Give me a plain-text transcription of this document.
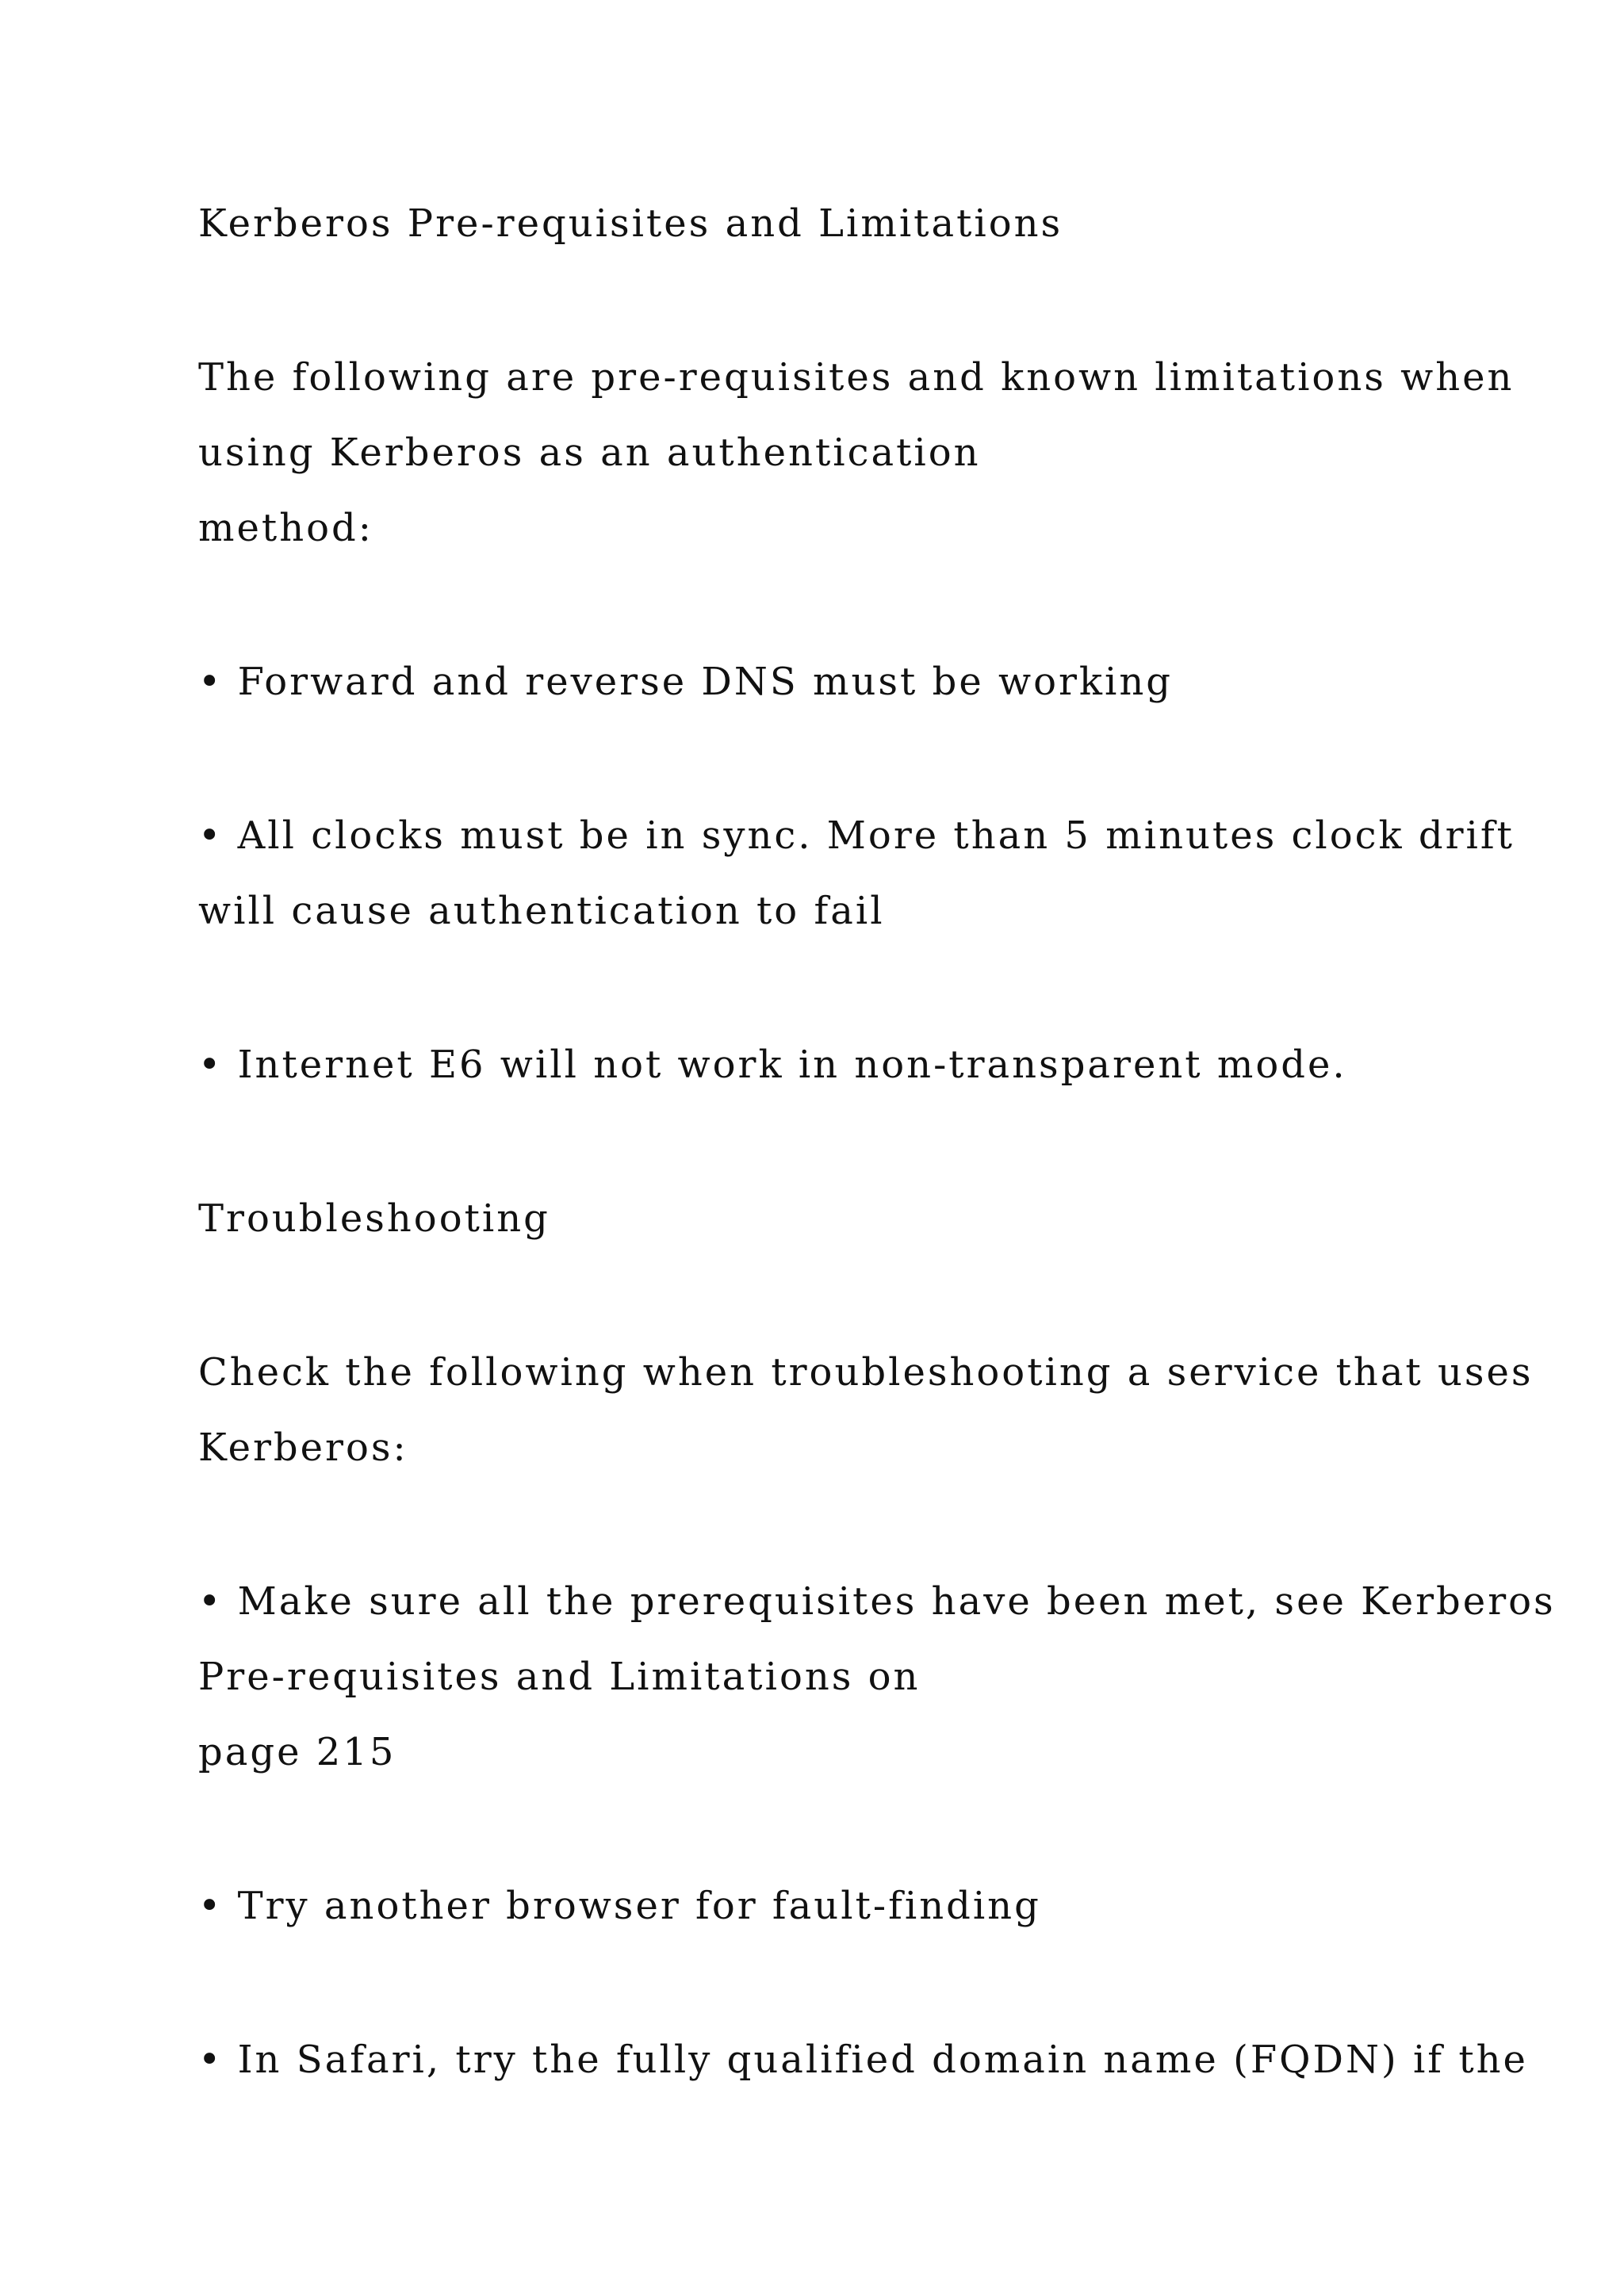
Kerberos Pre-requisites and Limitations

The following are pre-requisites and known limitations when

using Kerberos as an authentication

method:

• Forward and reverse DNS must be working

• All clocks must be in sync. More than 5 minutes clock drift

will cause authentication to fail

• Internet E6 will not work in non-transparent mode.

Troubleshooting

Check the following when troubleshooting a service that uses

Kerberos:

• Make sure all the prerequisites have been met, see Kerberos

Pre-requisites and Limitations on

page 215

• Try another browser for fault-finding

• In Safari, try the fully qualified domain name (FQDN) if the
